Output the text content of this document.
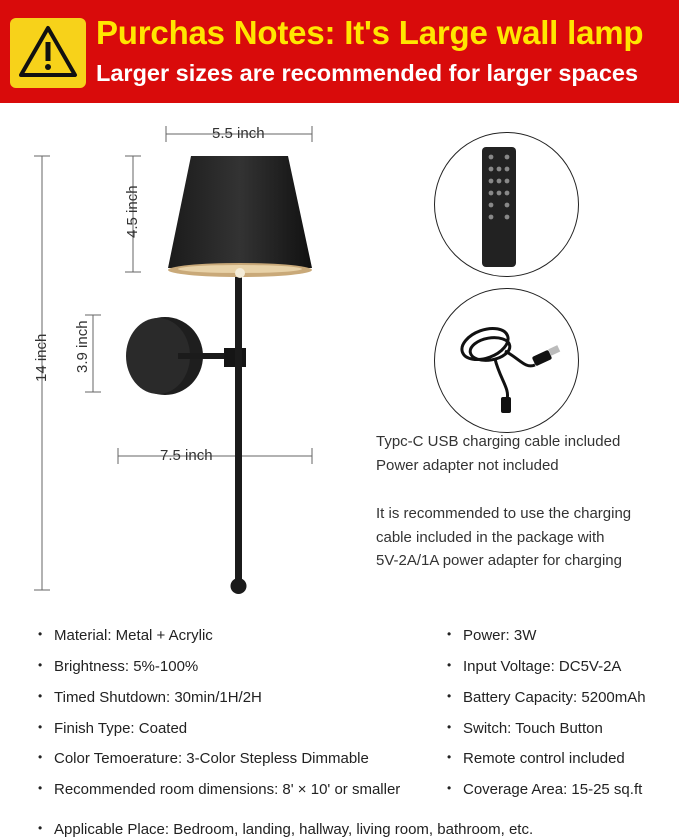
Purchas Notes: It's Large wall lamp
Larger sizes are recommended for larger spaces
5.5 inch
4.5 inch
14 inch 3.9 inch
7.5 inch
Typc-C USB charging cable included
Power adapter not included
It is recommended to use the charging
cable included in the package with
5V-2A/1A power adapter for charging
• Material: Metal + Acrylic
• Brightness: 5%-100%
• Timed Shutdown: 30min/1H/2H
• Finish Type: Coated
• Color Temoerature: 3-Color Stepless Dimmable
• Recommended room dimensions: 8' × 10' or smaller
• Power: 3W
• Input Voltage: DC5V-2A
• Battery Capacity: 5200mAh
• Switch: Touch Button
• Remote control included
• Coverage Area: 15-25 sq.ft
• Applicable Place: Bedroom, landing, hallway, living room, bathroom, etc.
